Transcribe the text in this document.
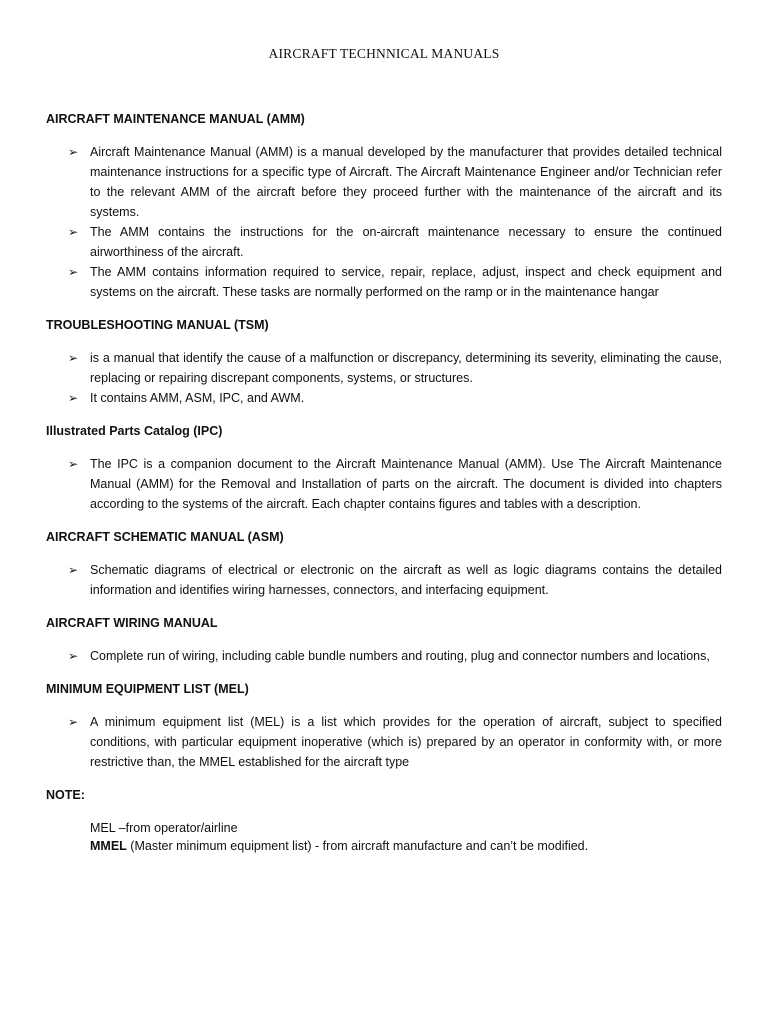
AIRCRAFT TECHNNICAL MANUALS
AIRCRAFT MAINTENANCE MANUAL (AMM)
➢ Aircraft Maintenance Manual (AMM) is a manual developed by the manufacturer that provides detailed technical maintenance instructions for a specific type of Aircraft. The Aircraft Maintenance Engineer and/or Technician refer to the relevant AMM of the aircraft before they proceed further with the maintenance of the aircraft and its systems.
➢ The AMM contains the instructions for the on-aircraft maintenance necessary to ensure the continued airworthiness of the aircraft.
➢ The AMM contains information required to service, repair, replace, adjust, inspect and check equipment and systems on the aircraft. These tasks are normally performed on the ramp or in the maintenance hangar
TROUBLESHOOTING MANUAL (TSM)
➢ is a manual that identify the cause of a malfunction or discrepancy, determining its severity, eliminating the cause, replacing or repairing discrepant components, systems, or structures.
➢ It contains AMM, ASM, IPC, and AWM.
Illustrated Parts Catalog (IPC)
➢ The IPC is a companion document to the Aircraft Maintenance Manual (AMM). Use The Aircraft Maintenance Manual (AMM) for the Removal and Installation of parts on the aircraft. The document is divided into chapters according to the systems of the aircraft. Each chapter contains figures and tables with a description.
AIRCRAFT SCHEMATIC MANUAL (ASM)
➢ Schematic diagrams of electrical or electronic on the aircraft as well as logic diagrams contains the detailed information and identifies wiring harnesses, connectors, and interfacing equipment.
AIRCRAFT WIRING MANUAL
➢ Complete run of wiring, including cable bundle numbers and routing, plug and connector numbers and locations,
MINIMUM EQUIPMENT LIST (MEL)
➢ A minimum equipment list (MEL) is a list which provides for the operation of aircraft, subject to specified conditions, with particular equipment inoperative (which is) prepared by an operator in conformity with, or more restrictive than, the MMEL established for the aircraft type

NOTE:

MEL –from operator/airline
MMEL (Master minimum equipment list) - from aircraft manufacture and can’t be modified.
